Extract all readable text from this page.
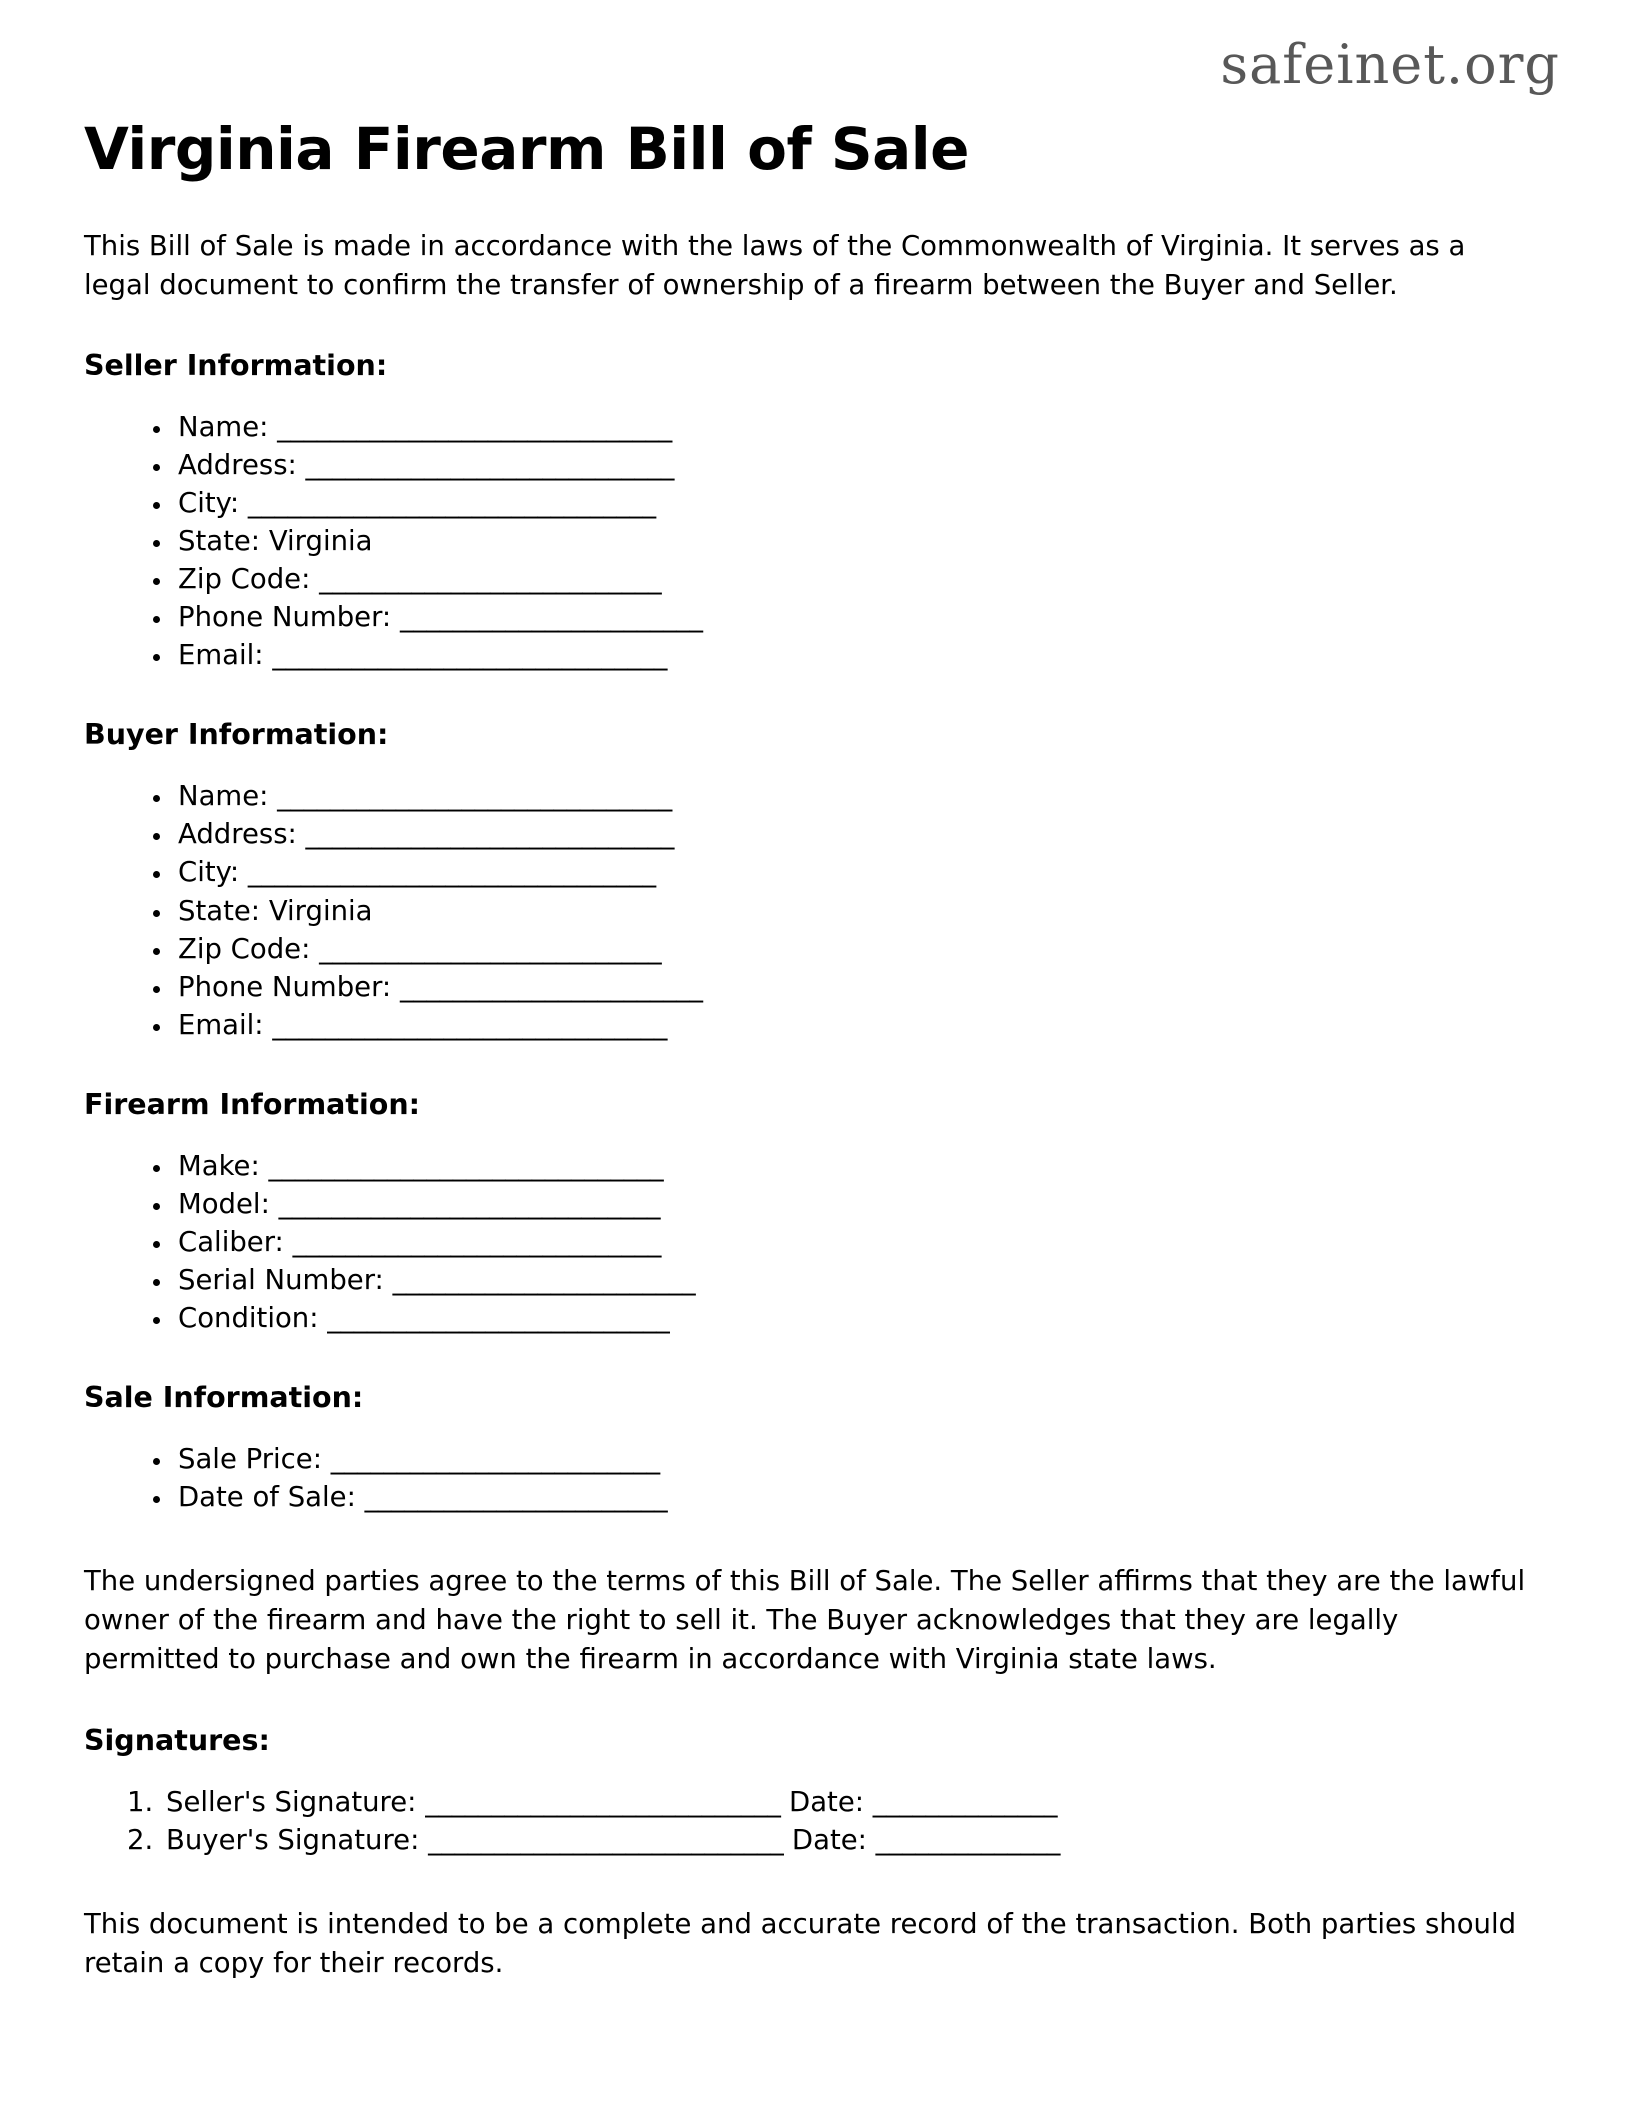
safeinet.org
Virginia Firearm Bill of Sale

This Bill of Sale is made in accordance with the laws of the Commonwealth of Virginia. It serves as a legal document to confirm the transfer of ownership of a firearm between the Buyer and Seller.

Seller Information:
• Name: ______________________________
• Address: ____________________________
• City: _______________________________
• State: Virginia
• Zip Code: __________________________
• Phone Number: _______________________
• Email: ______________________________
Buyer Information:
• Name: ______________________________
• Address: ____________________________
• City: _______________________________
• State: Virginia
• Zip Code: __________________________
• Phone Number: _______________________
• Email: ______________________________
Firearm Information:
• Make: ______________________________
• Model: _____________________________
• Caliber: ____________________________
• Serial Number: _______________________
• Condition: __________________________
Sale Information:
• Sale Price: _________________________
• Date of Sale: _______________________

The undersigned parties agree to the terms of this Bill of Sale. The Seller affirms that they are the lawful owner of the firearm and have the right to sell it. The Buyer acknowledges that they are legally permitted to purchase and own the firearm in accordance with Virginia state laws.

Signatures:
1. Seller's Signature: ___________________________ Date: ______________
2. Buyer's Signature: ___________________________ Date: ______________

This document is intended to be a complete and accurate record of the transaction. Both parties should retain a copy for their records.
